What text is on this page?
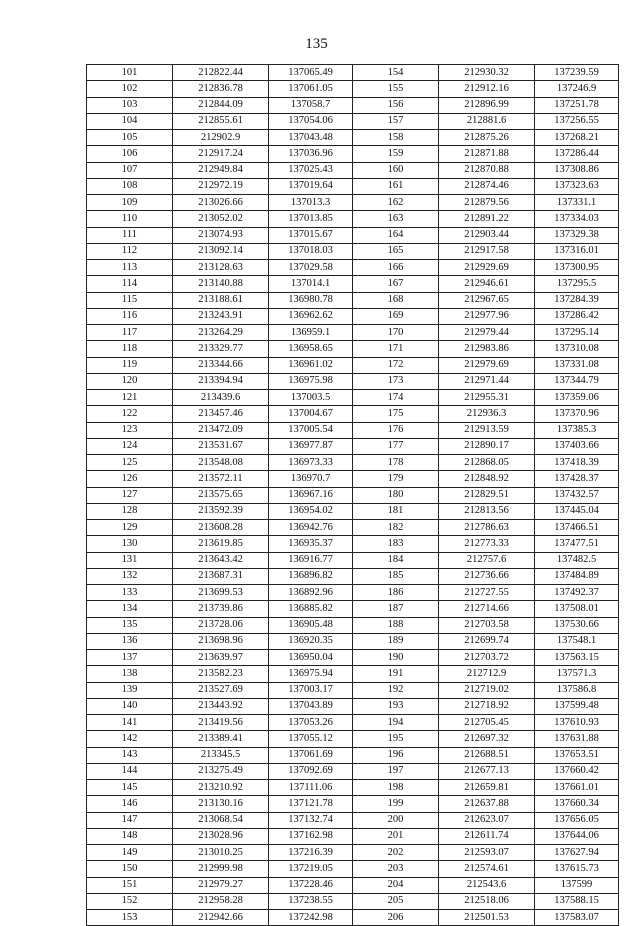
135
101	212822.44	137065.49	154	212930.32	137239.59
102	212836.78	137061.05	155	212912.16	137246.9
103	212844.09	137058.7	156	212896.99	137251.78
104	212855.61	137054.06	157	212881.6	137256.55
105	212902.9	137043.48	158	212875.26	137268.21
106	212917.24	137036.96	159	212871.88	137286.44
107	212949.84	137025.43	160	212870.88	137308.86
108	212972.19	137019.64	161	212874.46	137323.63
109	213026.66	137013.3	162	212879.56	137331.1
110	213052.02	137013.85	163	212891.22	137334.03
111	213074.93	137015.67	164	212903.44	137329.38
112	213092.14	137018.03	165	212917.58	137316.01
113	213128.63	137029.58	166	212929.69	137300.95
114	213140.88	137014.1	167	212946.61	137295.5
115	213188.61	136980.78	168	212967.65	137284.39
116	213243.91	136962.62	169	212977.96	137286.42
117	213264.29	136959.1	170	212979.44	137295.14
118	213329.77	136958.65	171	212983.86	137310.08
119	213344.66	136961.02	172	212979.69	137331.08
120	213394.94	136975.98	173	212971.44	137344.79
121	213439.6	137003.5	174	212955.31	137359.06
122	213457.46	137004.67	175	212936.3	137370.96
123	213472.09	137005.54	176	212913.59	137385.3
124	213531.67	136977.87	177	212890.17	137403.66
125	213548.08	136973.33	178	212868.05	137418.39
126	213572.11	136970.7	179	212848.92	137428.37
127	213575.65	136967.16	180	212829.51	137432.57
128	213592.39	136954.02	181	212813.56	137445.04
129	213608.28	136942.76	182	212786.63	137466.51
130	213619.85	136935.37	183	212773.33	137477.51
131	213643.42	136916.77	184	212757.6	137482.5
132	213687.31	136896.82	185	212736.66	137484.89
133	213699.53	136892.96	186	212727.55	137492.37
134	213739.86	136885.82	187	212714.66	137508.01
135	213728.06	136905.48	188	212703.58	137530.66
136	213698.96	136920.35	189	212699.74	137548.1
137	213639.97	136950.04	190	212703.72	137563.15
138	213582.23	136975.94	191	212712.9	137571.3
139	213527.69	137003.17	192	212719.02	137586.8
140	213443.92	137043.89	193	212718.92	137599.48
141	213419.56	137053.26	194	212705.45	137610.93
142	213389.41	137055.12	195	212697.32	137631.88
143	213345.5	137061.69	196	212688.51	137653.51
144	213275.49	137092.69	197	212677.13	137660.42
145	213210.92	137111.06	198	212659.81	137661.01
146	213130.16	137121.78	199	212637.88	137660.34
147	213068.54	137132.74	200	212623.07	137656.05
148	213028.96	137162.98	201	212611.74	137644.06
149	213010.25	137216.39	202	212593.07	137627.94
150	212999.98	137219.05	203	212574.61	137615.73
151	212979.27	137228.46	204	212543.6	137599
152	212958.28	137238.55	205	212518.06	137588.15
153	212942.66	137242.98	206	212501.53	137583.07
